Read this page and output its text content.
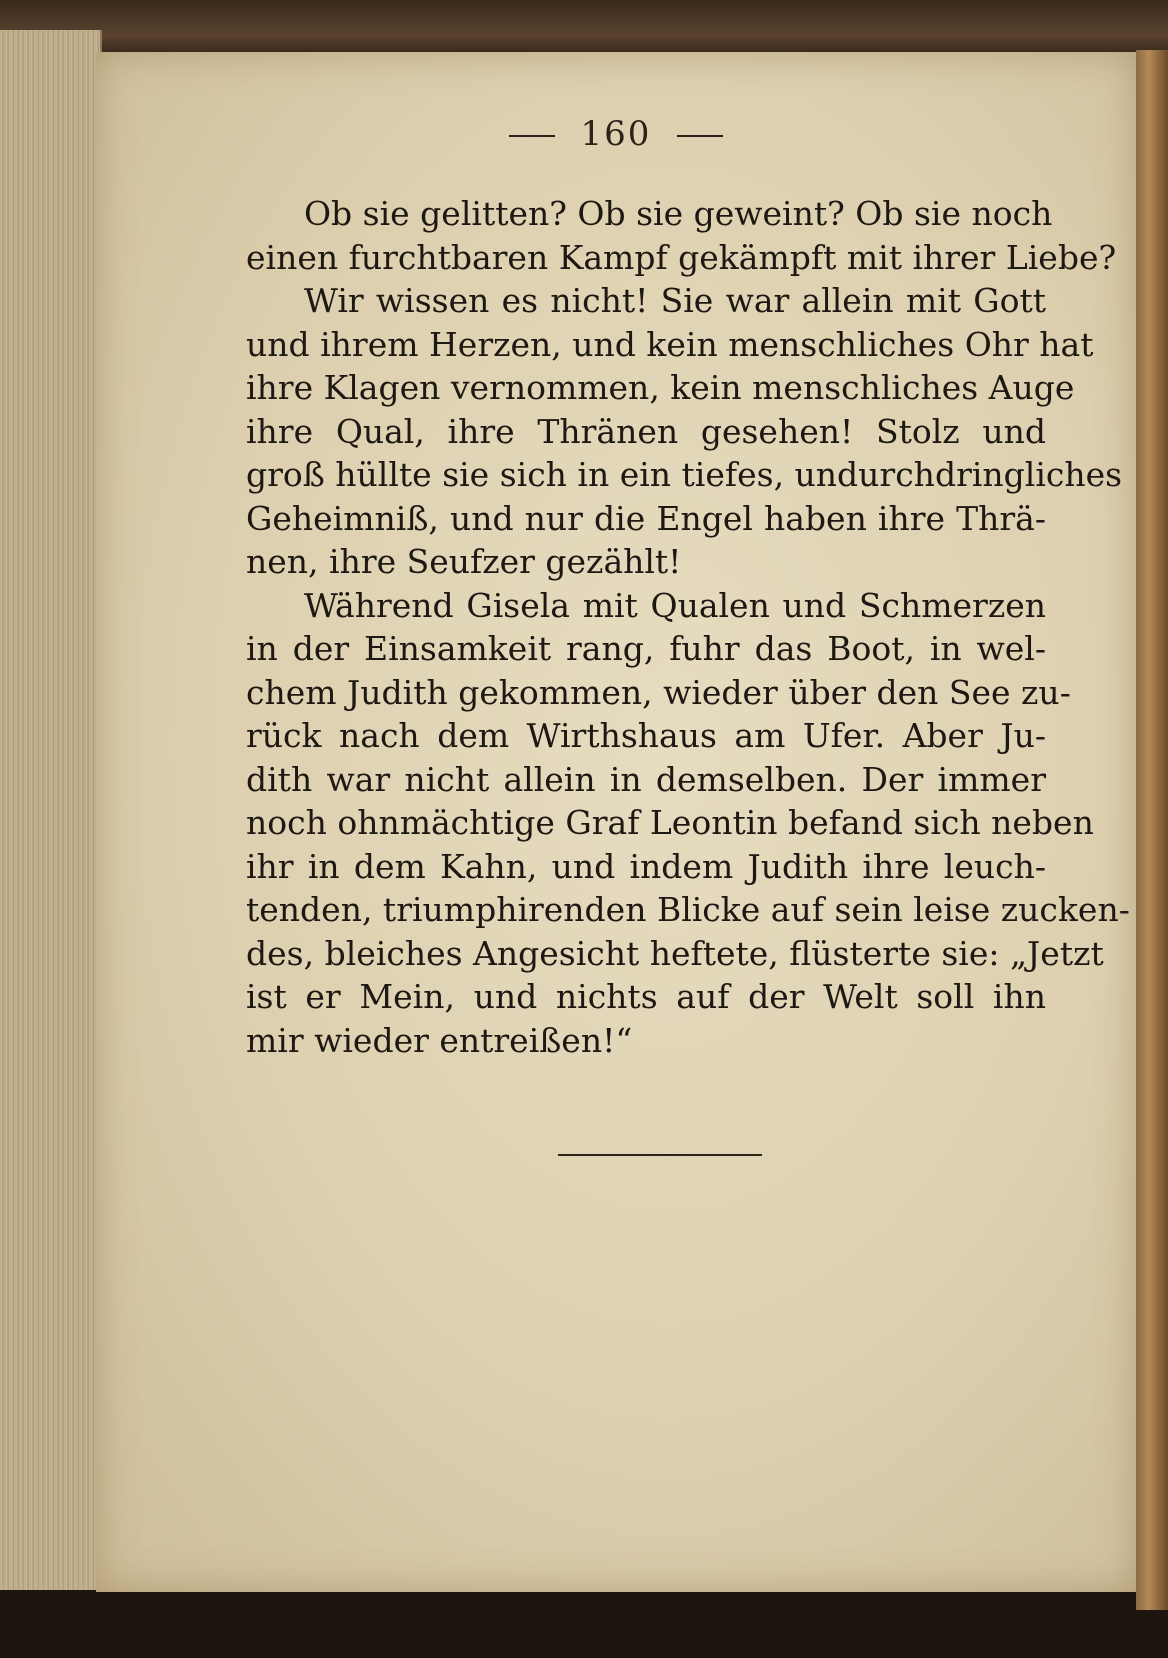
160
Ob sie gelitten? Ob sie geweint? Ob sie noch
einen furchtbaren Kampf gekämpft mit ihrer Liebe?
Wir wissen es nicht! Sie war allein mit Gott
und ihrem Herzen, und kein menschliches Ohr hat
ihre Klagen vernommen, kein menschliches Auge
ihre Qual, ihre Thränen gesehen! Stolz und
groß hüllte sie sich in ein tiefes, undurchdringliches
Geheimniß, und nur die Engel haben ihre Thrä-
nen, ihre Seufzer gezählt!
Während Gisela mit Qualen und Schmerzen
in der Einsamkeit rang, fuhr das Boot, in wel-
chem Judith gekommen, wieder über den See zu-
rück nach dem Wirthshaus am Ufer. Aber Ju-
dith war nicht allein in demselben. Der immer
noch ohnmächtige Graf Leontin befand sich neben
ihr in dem Kahn, und indem Judith ihre leuch-
tenden, triumphirenden Blicke auf sein leise zucken-
des, bleiches Angesicht heftete, flüsterte sie: „Jetzt
ist er Mein, und nichts auf der Welt soll ihn
mir wieder entreißen!“
